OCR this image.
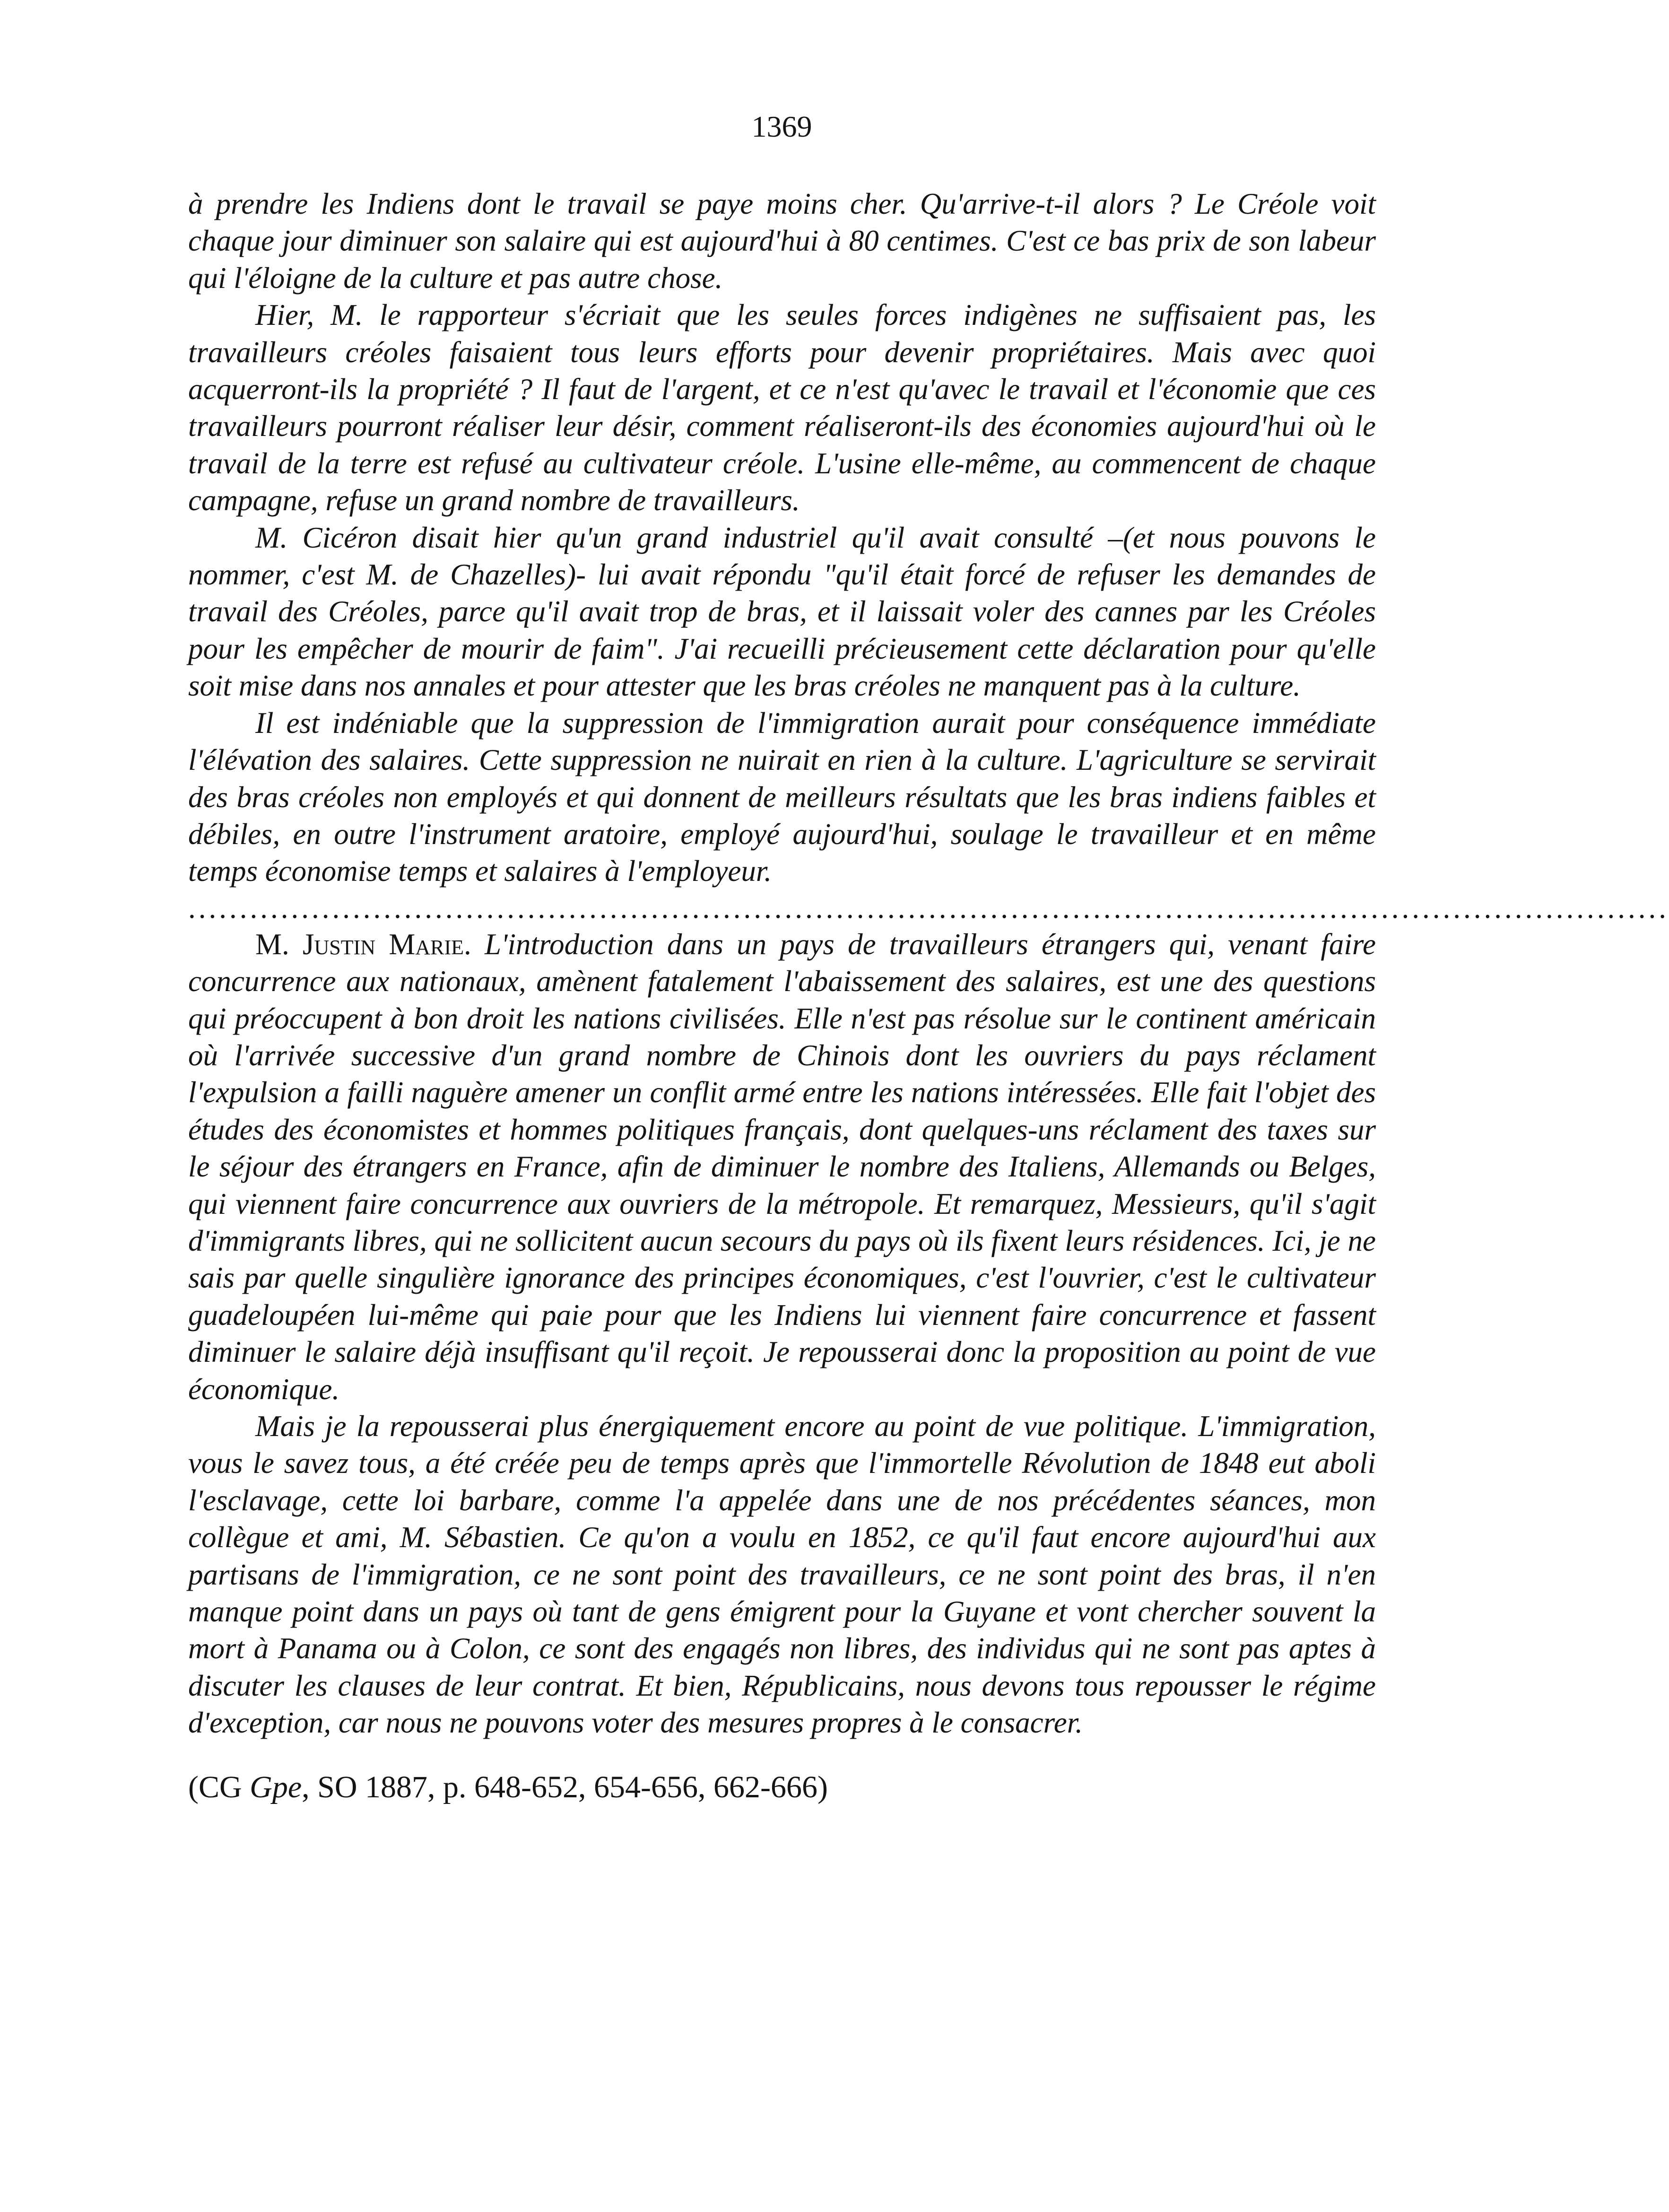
1369

à prendre les Indiens dont le travail se paye moins cher. Qu'arrive-t-il alors ? Le Créole voit chaque jour diminuer son salaire qui est aujourd'hui à 80 centimes. C'est ce bas prix de son labeur qui l'éloigne de la culture et pas autre chose.

Hier, M. le rapporteur s'écriait que les seules forces indigènes ne suffisaient pas, les travailleurs créoles faisaient tous leurs efforts pour devenir propriétaires. Mais avec quoi acquerront-ils la propriété ? Il faut de l'argent, et ce n'est qu'avec le travail et l'économie que ces travailleurs pourront réaliser leur désir, comment réaliseront-ils des économies aujourd'hui où le travail de la terre est refusé au cultivateur créole. L'usine elle-même, au commencent de chaque campagne, refuse un grand nombre de travailleurs.

M. Cicéron disait hier qu'un grand industriel qu'il avait consulté –(et nous pouvons le nommer, c'est M. de Chazelles)- lui avait répondu "qu'il était forcé de refuser les demandes de travail des Créoles, parce qu'il avait trop de bras, et il laissait voler des cannes par les Créoles pour les empêcher de mourir de faim". J'ai recueilli précieusement cette déclaration pour qu'elle soit mise dans nos annales et pour attester que les bras créoles ne manquent pas à la culture.

Il est indéniable que la suppression de l'immigration aurait pour conséquence immédiate l'élévation des salaires. Cette suppression ne nuirait en rien à la culture. L'agriculture se servirait des bras créoles non employés et qui donnent de meilleurs résultats que les bras indiens faibles et débiles, en outre l'instrument aratoire, employé aujourd'hui, soulage le travailleur et en même temps économise temps et salaires à l'employeur.

................................................................................................................................................

M. Justin Marie. L'introduction dans un pays de travailleurs étrangers qui, venant faire concurrence aux nationaux, amènent fatalement l'abaissement des salaires, est une des questions qui préoccupent à bon droit les nations civilisées. Elle n'est pas résolue sur le continent américain où l'arrivée successive d'un grand nombre de Chinois dont les ouvriers du pays réclament l'expulsion a failli naguère amener un conflit armé entre les nations intéressées. Elle fait l'objet des études des économistes et hommes politiques français, dont quelques-uns réclament des taxes sur le séjour des étrangers en France, afin de diminuer le nombre des Italiens, Allemands ou Belges, qui viennent faire concurrence aux ouvriers de la métropole. Et remarquez, Messieurs, qu'il s'agit d'immigrants libres, qui ne sollicitent aucun secours du pays où ils fixent leurs résidences. Ici, je ne sais par quelle singulière ignorance des principes économiques, c'est l'ouvrier, c'est le cultivateur guadeloupéen lui-même qui paie pour que les Indiens lui viennent faire concurrence et fassent diminuer le salaire déjà insuffisant qu'il reçoit. Je repousserai donc la proposition au point de vue économique.

Mais je la repousserai plus énergiquement encore au point de vue politique. L'immigration, vous le savez tous, a été créée peu de temps après que l'immortelle Révolution de 1848 eut aboli l'esclavage, cette loi barbare, comme l'a appelée dans une de nos précédentes séances, mon collègue et ami, M. Sébastien. Ce qu'on a voulu en 1852, ce qu'il faut encore aujourd'hui aux partisans de l'immigration, ce ne sont point des travailleurs, ce ne sont point des bras, il n'en manque point dans un pays où tant de gens émigrent pour la Guyane et vont chercher souvent la mort à Panama ou à Colon, ce sont des engagés non libres, des individus qui ne sont pas aptes à discuter les clauses de leur contrat. Et bien, Républicains, nous devons tous repousser le régime d'exception, car nous ne pouvons voter des mesures propres à le consacrer.

(CG Gpe, SO 1887, p. 648-652, 654-656, 662-666)
